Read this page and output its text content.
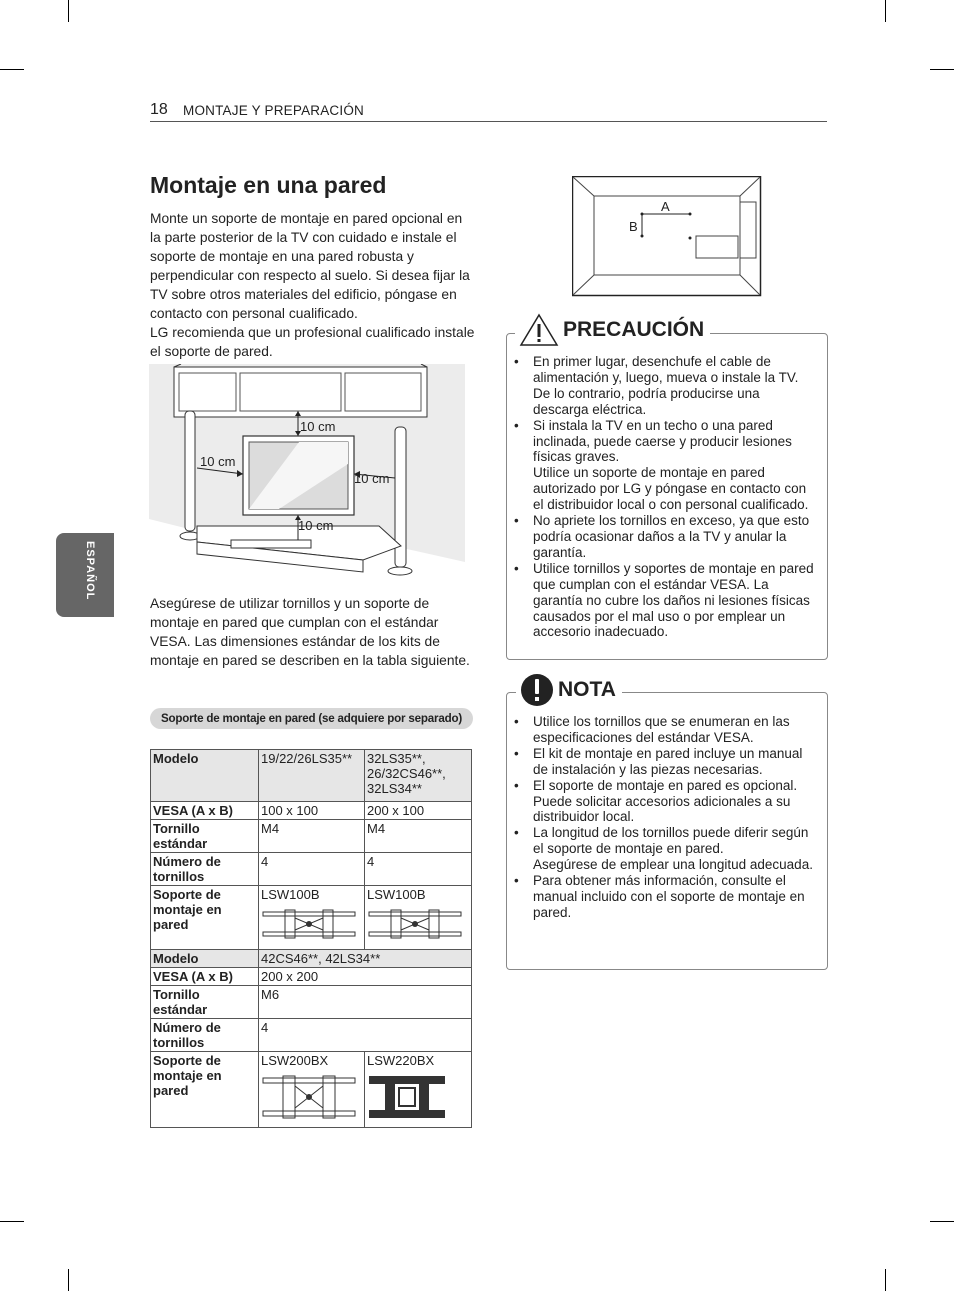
18 MONTAJE Y PREPARACIÓN
ESPAÑOL
Montaje en una pared

Monte un soporte de montaje en pared opcional en la parte posterior de la TV con cuidado e instale el soporte de montaje en una pared robusta y perpendicular con respecto al suelo. Si desea fijar la TV sobre otros materiales del edificio, póngase en contacto con personal cualificado.

LG recomienda que un profesional cualificado instale el soporte de pared.

10 cm
10 cm
10 cm
10 cm
Asegúrese de utilizar tornillos y un soporte de montaje en pared que cumplan con el estándar VESA. Las dimensiones estándar de los kits de montaje en pared se describen en la tabla siguiente.
Soporte de montaje en pared (se adquiere por separado)
Modelo	19/22/26LS35**	32LS35**, 26/32CS46**, 32LS34**
VESA (A x B)	100 x 100	200 x 100
Tornillo estándar	M4	M4
Número de tornillos	4	4
Soporte de montaje en pared	LSW100B	LSW100B
Modelo	42CS46**, 42LS34**	
VESA (A x B)	200 x 200	
Tornillo estándar	M6	
Número de tornillos	4	
Soporte de montaje en pared	LSW200BX	LSW220BX
A
B
PRECAUCIÓN
• En primer lugar, desenchufe el cable de alimentación y, luego, mueva o instale la TV. De lo contrario, podría producirse una descarga eléctrica.
• Si instala la TV en un techo o una pared inclinada, puede caerse y producir lesiones físicas graves.
Utilice un soporte de montaje en pared autorizado por LG y póngase en contacto con el distribuidor local o con personal cualificado.
• No apriete los tornillos en exceso, ya que esto podría ocasionar daños a la TV y anular la garantía.
• Utilice tornillos y soportes de montaje en pared que cumplan con el estándar VESA. La garantía no cubre los daños ni lesiones físicas causados por el mal uso o por emplear un accesorio inadecuado.
NOTA
• Utilice los tornillos que se enumeran en las especificaciones del estándar VESA.
• El kit de montaje en pared incluye un manual de instalación y las piezas necesarias.
• El soporte de montaje en pared es opcional. Puede solicitar accesorios adicionales a su distribuidor local.
• La longitud de los tornillos puede diferir según el soporte de montaje en pared.
Asegúrese de emplear una longitud adecuada.
• Para obtener más información, consulte el manual incluido con el soporte de montaje en pared.
